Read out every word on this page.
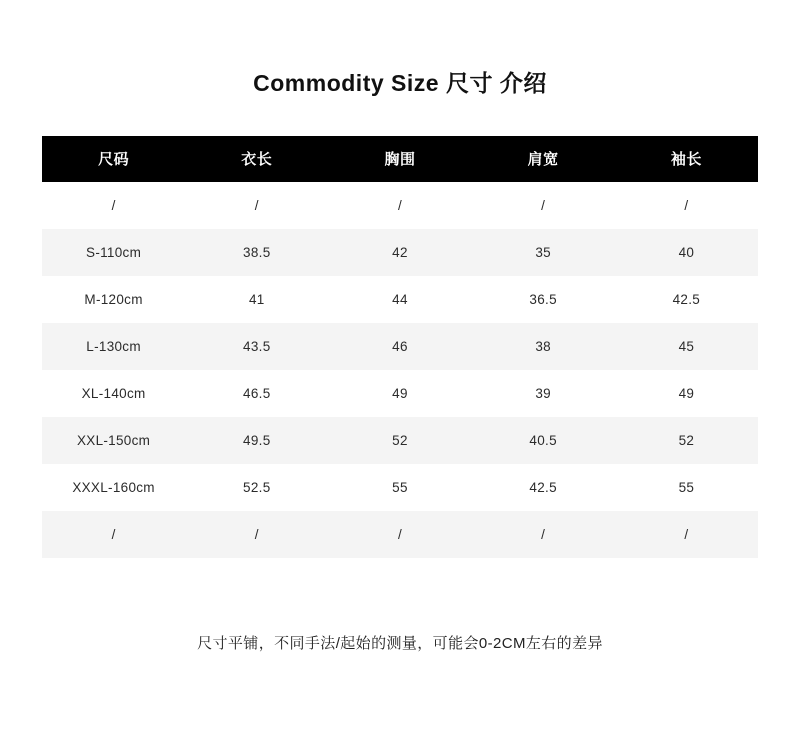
Commodity Size 尺寸 介绍
尺码	衣长	胸围	肩宽	袖长
/	/	/	/	/
S-110cm	38.5	42	35	40
M-120cm	41	44	36.5	42.5
L-130cm	43.5	46	38	45
XL-140cm	46.5	49	39	49
XXL-150cm	49.5	52	40.5	52
XXXL-160cm	52.5	55	42.5	55
/	/	/	/	/
尺寸平铺，不同手法/起始的测量，可能会0-2CM左右的差异
